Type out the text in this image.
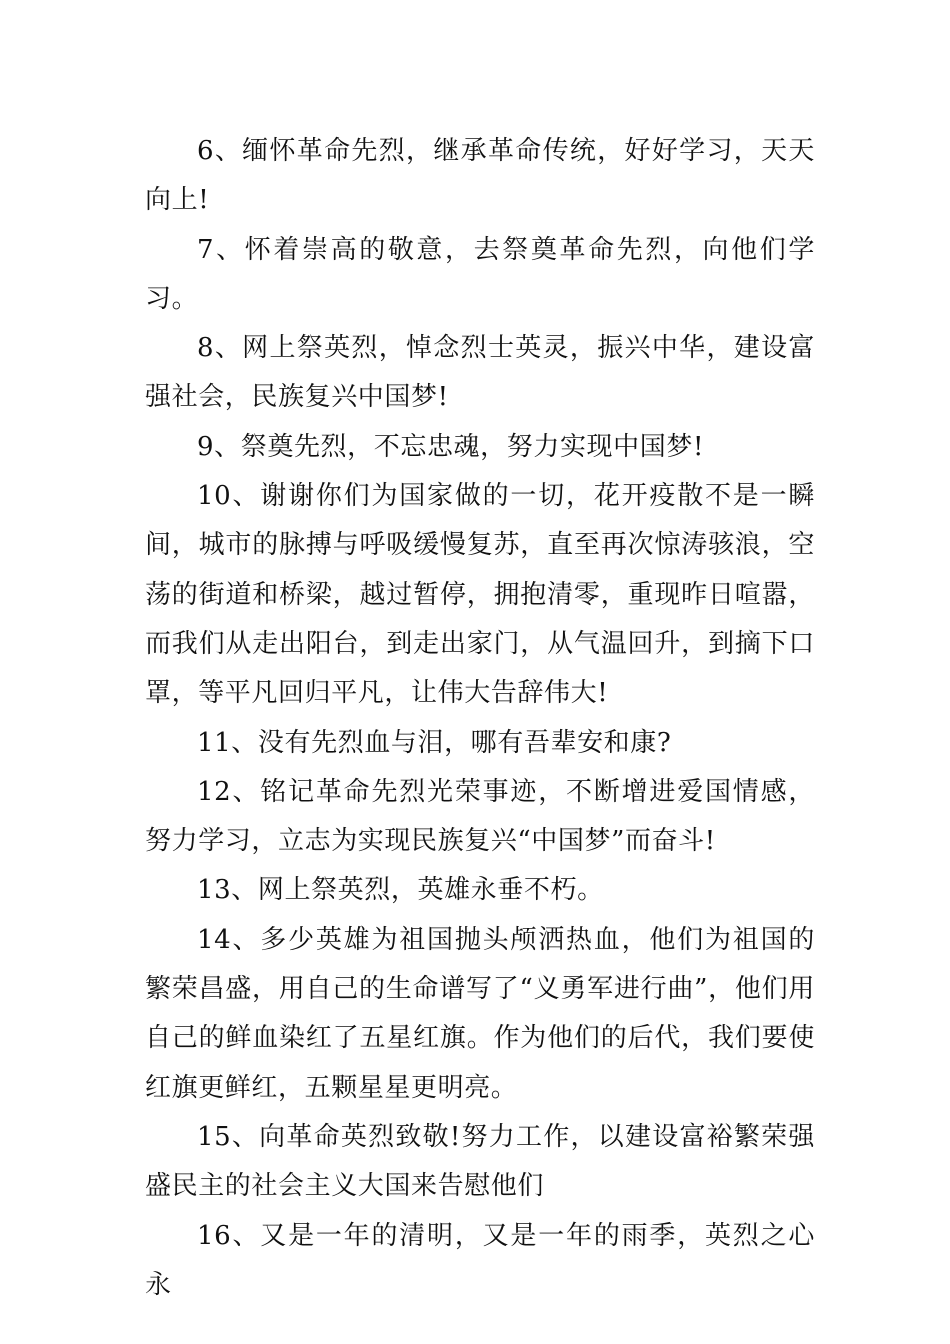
6、缅怀革命先烈，继承革命传统，好好学习，天天向上!

7、怀着崇高的敬意，去祭奠革命先烈，向他们学习。

8、网上祭英烈，悼念烈士英灵，振兴中华，建设富强社会，民族复兴中国梦!

9、祭奠先烈，不忘忠魂，努力实现中国梦!

10、谢谢你们为国家做的一切，花开疫散不是一瞬间，城市的脉搏与呼吸缓慢复苏，直至再次惊涛骇浪，空荡的街道和桥梁，越过暂停，拥抱清零，重现昨日喧嚣，而我们从走出阳台，到走出家门，从气温回升，到摘下口罩，等平凡回归平凡，让伟大告辞伟大!

11、没有先烈血与泪，哪有吾辈安和康?

12、铭记革命先烈光荣事迹，不断增进爱国情感，努力学习，立志为实现民族复兴“中国梦”而奋斗!

13、网上祭英烈，英雄永垂不朽。

14、多少英雄为祖国抛头颅洒热血，他们为祖国的繁荣昌盛，用自己的生命谱写了“义勇军进行曲”，他们用自己的鲜血染红了五星红旗。作为他们的后代，我们要使红旗更鲜红，五颗星星更明亮。

15、向革命英烈致敬!努力工作，以建设富裕繁荣强盛民主的社会主义大国来告慰他们

16、又是一年的清明，又是一年的雨季，英烈之心永
